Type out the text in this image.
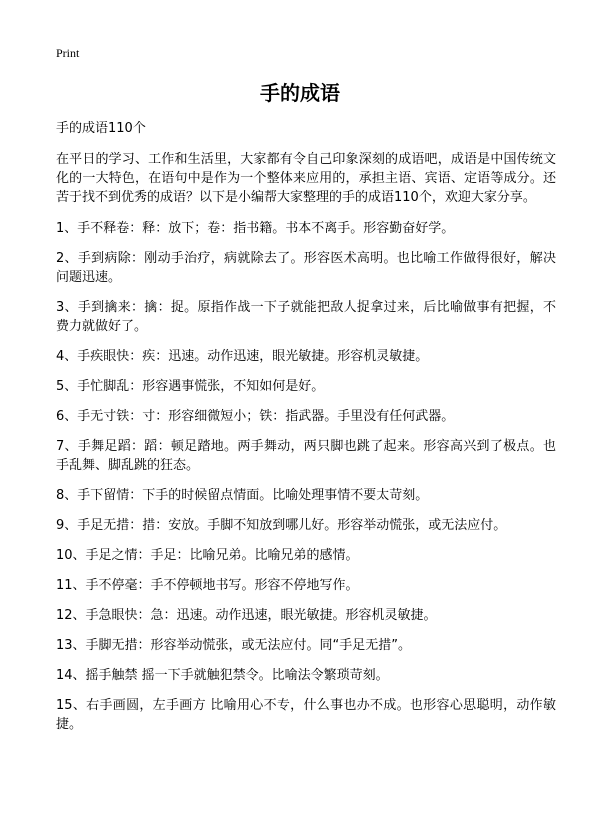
Print
手的成语
手的成语110个

在平日的学习、工作和生活里，大家都有令自己印象深刻的成语吧，成语是中国传统文化的一大特色，在语句中是作为一个整体来应用的，承担主语、宾语、定语等成分。还苦于找不到优秀的成语？以下是小编帮大家整理的手的成语110个，欢迎大家分享。

1、手不释卷：释：放下；卷：指书籍。书本不离手。形容勤奋好学。

2、手到病除：刚动手治疗，病就除去了。形容医术高明。也比喻工作做得很好，解决问题迅速。

3、手到擒来：擒：捉。原指作战一下子就能把敌人捉拿过来，后比喻做事有把握，不费力就做好了。

4、手疾眼快：疾：迅速。动作迅速，眼光敏捷。形容机灵敏捷。

5、手忙脚乱：形容遇事慌张，不知如何是好。

6、手无寸铁：寸：形容细微短小；铁：指武器。手里没有任何武器。

7、手舞足蹈：蹈：顿足踏地。两手舞动，两只脚也跳了起来。形容高兴到了极点。也手乱舞、脚乱跳的狂态。

8、手下留情：下手的时候留点情面。比喻处理事情不要太苛刻。

9、手足无措：措：安放。手脚不知放到哪儿好。形容举动慌张，或无法应付。

10、手足之情：手足：比喻兄弟。比喻兄弟的感情。

11、手不停毫：手不停顿地书写。形容不停地写作。

12、手急眼快：急：迅速。动作迅速，眼光敏捷。形容机灵敏捷。

13、手脚无措：形容举动慌张，或无法应付。同“手足无措”。

14、摇手触禁 摇一下手就触犯禁令。比喻法令繁琐苛刻。

15、右手画圆，左手画方 比喻用心不专，什么事也办不成。也形容心思聪明，动作敏捷。
